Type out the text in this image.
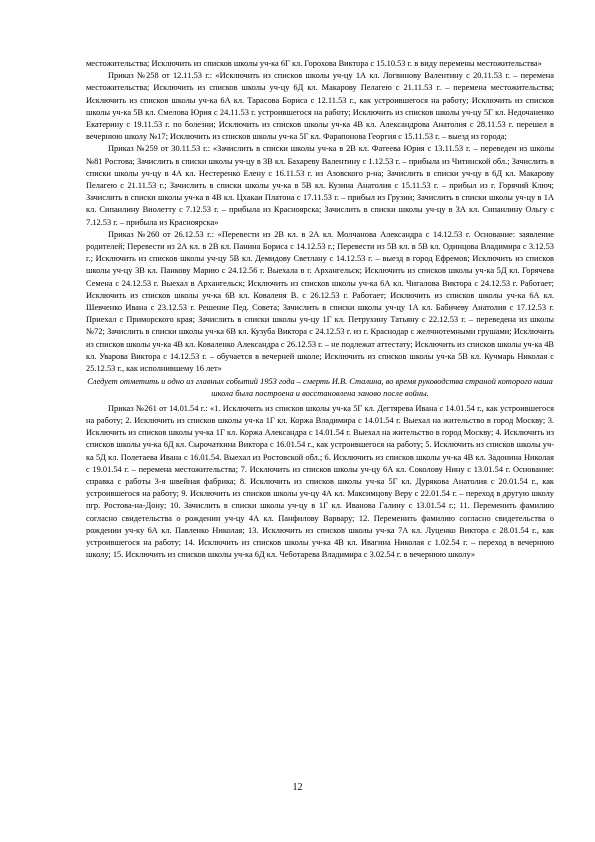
местожительства; Исключить из списков школы уч-ка 6Г кл. Горохова Виктора с 15.10.53 г. в виду перемены местожительства»

Приказ №258 от 12.11.53 г.: «Исключить из списков школы уч-цу 1А кл. Логвинову Валентину с 20.11.53 г. – перемена местожительства; Исключить из списков школы уч-цу 6Д кл. Макарову Пелагею с 21.11.53 г. – перемена местожительства; Исключить из списков школы уч-ка 6А кл. Тарасова Бориса с 12.11.53 г., как устроившегося на работу; Исключить из списков школы уч-ка 5В кл. Смелова Юрия с 24.11.53 г. устроившегося на работу; Исключить из списков школы уч-цу 5Г кл. Недочаненко Екатерину с 19.11.53 г. по болезни; Исключить из списков школы уч-ка 4В кл. Александрова Анатолия с 28.11.53 г. перешел в вечернюю школу №17; Исключить из списков школы уч-ка 5Г кл. Фарапонова Георгия с 15.11.53 г. – выезд из города;

Приказ №259 от 30.11.53 г.: «Зачислить в списки школы уч-ка в 2В кл. Фатеева Юрия с 13.11.53 г. – переведен из школы №81 Ростова; Зачислить в списки школы уч-цу в 3В кл. Бахареву Валентину с 1.12.53 г. – прибыла из Читинской обл.; Зачислить в списки школы уч-цу в 4А кл. Нестеренко Елену с 16.11.53 г. из Азовского р-на; Зачислить в списки уч-цу в 6Д кл. Макарову Пелагею с 21.11.53 г.; Зачислить в списки школы уч-ка в 5В кл. Кузина Анатолия с 15.11.53 г. – прибыл из г. Горячий Ключ; Зачислить в списки школы уч-ка в 4В кл. Цхакаи Платона с 17.11.53 г. – прибыл из Грузии; Зачислить в списки школы уч-цу в 1А кл. Сипаилину Виолетту с 7.12.53 г. – прибыла из Красноярска; Зачислить в списки школы уч-цу в 3А кл. Сипаилину Ольгу с 7.12.53 г. – прибыла из Красноярска»

Приказ №260 от 26.12.53 г.: «Перевести из 2В кл. в 2А кл. Молчанова Александра с 14.12.53 г. Основание: заявление родителей; Перевести из 2А кл. в 2В кл. Панина Бориса с 14.12.53 г.; Перевести из 5В кл. в 5В кл. Одинцова Владимира с 3.12.53 г.; Исключить из списков школы уч-цу 5В кл. Демидову Светлану с 14.12.53 г. – выезд в город Ефремов; Исключить из списков школы уч-цу 3В кл. Панкову Марию с 24.12.56 г. Выехала в г. Архангельск; Исключить из списков школы уч-ка 5Д кл. Горячева Семена с 24.12.53 г. Выехал в Архангельск; Исключить из списков школы уч-ка 6А кл. Чигалова Виктора с 24.12.53 г. Работает; Исключить из списков школы уч-ка 6В кл. Коваленя В. с 26.12.53 г. Работает; Исключить из списков школы уч-ка 6А кл. Шевченко Ивана с 23.12.53 г. Решение Пед. Совета; Зачислить в списки школы уч-цу 1А кл. Бабичеву Анатолия с 17.12.53 г. Приехал с Приморского края; Зачислить в списки школы уч-цу 1Г кл. Петрухину Татьяну с 22.12.53 г. – переведена из школы №72; Зачислить в списки школы уч-ка 6В кл. Кузуба Виктора с 24.12.53 г. из г. Краснодар с желчнотемными грушами; Исключить из списков школы уч-ка 4В кл. Коваленко Александра с 26.12.53 г. – не подлежат аттестату; Исключить из списков школы уч-ка 4В кл. Уварова Виктора с 14.12.53 г. – обучается в вечерней школе; Исключить из списков школы уч-ка 5В кл. Кучмарь Николая с 25.12.53 г., как исполнившему 16 лет»

Следует отметить и одно из главных событий 1953 года – смерть И.В. Сталина, во время руководства страной которого наша школа была построена и восстановлена заново после войны.

Приказ №261 от 14.01.54 г.: «1. Исключить из списков школы уч-ка 5Г кл. Дегтярева Ивана с 14.01.54 г., как устроившегося на работу; 2. Исключить из списков школы уч-ка 1Г кл. Коржа Владимира с 14.01.54 г. Выехал на жительство в город Москву; 3. Исключить из списков школы уч-ка 1Г кл. Коржа Александра с 14.01.54 г. Выехал на жительство в город Москву; 4. Исключить из списков школы уч-ка 6Д кл. Сырочаткина Виктора с 16.01.54 г., как устроившегося на работу; 5. Исключить из списков школы уч-ка 5Д кл. Полетаева Ивана с 16.01.54. Выехал из Ростовской обл.; 6. Исключить из списков школы уч-ка 4В кл. Задонина Николая с 19.01.54 г. – перемена местожительства; 7. Исключить из списков школы уч-цу 6А кл. Соколову Нину с 13.01.54 г. Основание: справка с работы 3-я швейная фабрика; 8. Исключить из списков школы уч-ка 5Г кл. Дурякова Анатолия с 20.01.54 г., как устроившегося на работу; 9. Исключить из списков школы уч-цу 4А кл. Максимцову Веру с 22.01.54 г. – переход в другую школу пгр. Ростова-на-Дону; 10. Зачислить в списки школы уч-цу в 1Г кл. Иванова Галину с 13.01.54 г.; 11. Переменить фамилию согласно свидетельства о рождении уч-цу 4А кл. Панфилову Варвару; 12. Переменить фамилию согласно свидетельства о рождении уч-ку 6А кл. Павленко Николая; 13. Исключить из списков школы уч-ка 7А кл. Луценко Виктора с 28.01.54 г., как устроившегося на работу; 14. Исключить из списков школы уч-ка 4В кл. Ивагина Николая с 1.02.54 г. – переход в вечернюю школу; 15. Исключить из списков школы уч-ка 6Д кл. Чеботарева Владимира с 3.02.54 г. в вечернюю школу»

12
